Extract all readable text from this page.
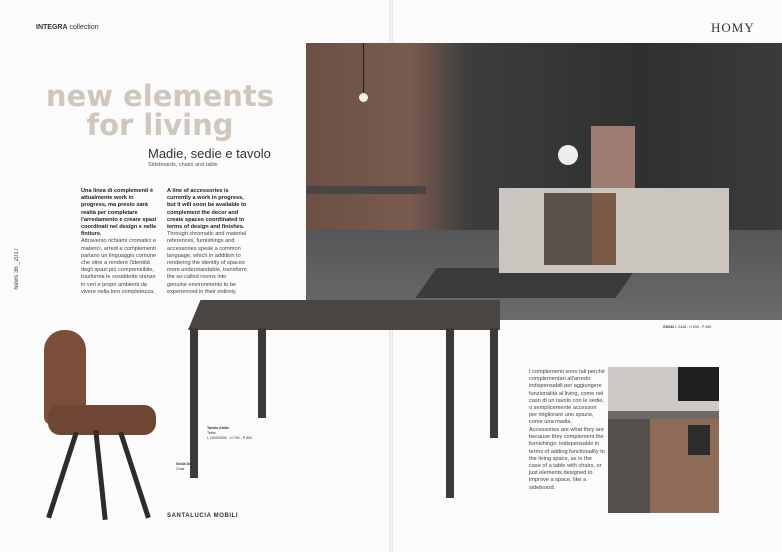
INTEGRA collection	HOMY
new elements
for living
Madie, sedie e tavolo
Sideboards, chairs and table
Una linea di complementi è attualmente work in progress, ma presto sarà realtà per completare l'arredamento e creare spazi coordinati nel design e nelle finiture.
Attraverso richiami cromatici e materici, arredi e complementi parlano un linguaggio comune che oltre a rendere l'identità degli spazi più comprensibile, trasforma le cosiddette stanze in veri e propri ambienti da vivere nella loro completezza.
A line of accessories is currently a work in progress, but it will soon be available to complement the decor and create spaces coordinated in terms of design and finishes.
Through chromatic and material references, furnishings and accessories speak a common language, which in addition to rendering the identity of spaces more understandable, transform the so-called rooms into genuine environments to be experienced in their entirety.
News 36 _2017
Tavolo Abide
Table
L 1600/2600 - H 750 - P 800
Sedia Debby
Chair
GS042 L 2448 - H 630 - P 480
SANTALUCIA MOBILI
I complementi sono tali perché complementari all'arredo: indispensabili per aggiungere funzionalità al living, come nel caso di un tavolo con le sedie, o semplicemente accessori per migliorare uno spazio, come una madia.
Accessories are what they are because they complement the furnishings: indispensable in terms of adding functionality to the living space, as in the case of a table with chairs, or just elements designed to improve a space, like a sideboard.
